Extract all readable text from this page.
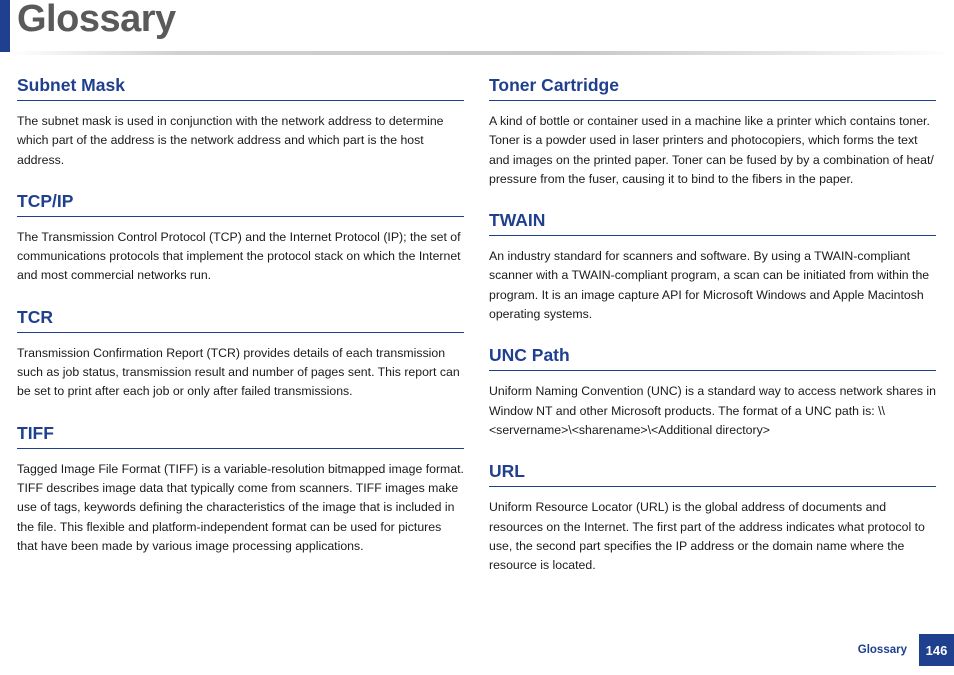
Glossary
Subnet Mask

The subnet mask is used in conjunction with the network address to determine which part of the address is the network address and which part is the host address.

TCP/IP

The Transmission Control Protocol (TCP) and the Internet Protocol (IP); the set of communications protocols that implement the protocol stack on which the Internet and most commercial networks run.

TCR

Transmission Confirmation Report (TCR) provides details of each transmission such as job status, transmission result and number of pages sent. This report can be set to print after each job or only after failed transmissions.

TIFF

Tagged Image File Format (TIFF) is a variable-resolution bitmapped image format. TIFF describes image data that typically come from scanners. TIFF images make use of tags, keywords defining the characteristics of the image that is included in the file. This flexible and platform-independent format can be used for pictures that have been made by various image processing applications.

Toner Cartridge

A kind of bottle or container used in a machine like a printer which contains toner. Toner is a powder used in laser printers and photocopiers, which forms the text and images on the printed paper. Toner can be fused by by a combination of heat/ pressure from the fuser, causing it to bind to the fibers in the paper.

TWAIN

An industry standard for scanners and software. By using a TWAIN-compliant scanner with a TWAIN-compliant program, a scan can be initiated from within the program. It is an image capture API for Microsoft Windows and Apple Macintosh operating systems.

UNC Path

Uniform Naming Convention (UNC) is a standard way to access network shares in Window NT and other Microsoft products. The format of a UNC path is: \\<servername>\<sharename>\<Additional directory>

URL

Uniform Resource Locator (URL) is the global address of documents and resources on the Internet. The first part of the address indicates what protocol to use, the second part specifies the IP address or the domain name where the resource is located.

Glossary	146
